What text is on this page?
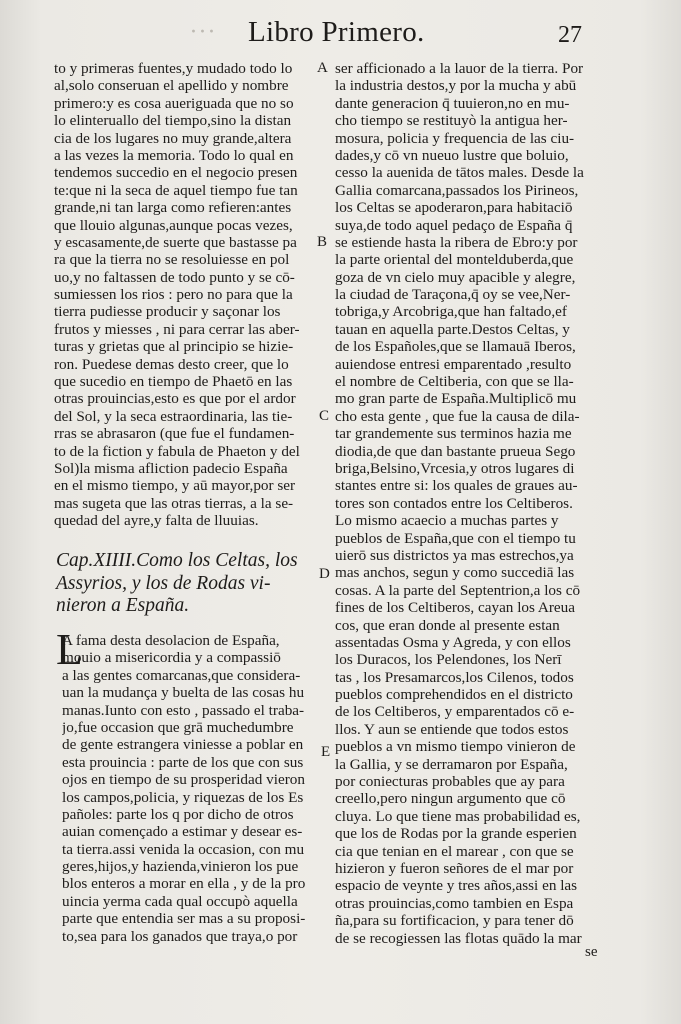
···	Libro Primero.	27
to y primeras fuentes,y mudado todo lo
al,solo conseruan el apellido y nombre
primero:y es cosa aueriguada que no so
lo elinteruallo del tiempo,sino la distan
cia de los lugares no muy grande,altera
a las vezes la memoria. Todo lo qual en
tendemos succedio en el negocio presen
te:que ni la seca de aquel tiempo fue tan
grande,ni tan larga como refieren:antes
que llouio algunas,aunque pocas vezes,
y escasamente,de suerte que bastasse pa
ra que la tierra no se resoluiesse en pol
uo,y no faltassen de todo punto y se cō-
sumiessen los rios : pero no para que la
tierra pudiesse producir y saçonar los
frutos y miesses , ni para cerrar las aber-
turas y grietas que al principio se hizie-
ron. Puedese demas desto creer, que lo
que sucedio en tiempo de Phaetō en las
otras prouincias,esto es que por el ardor
del Sol, y la seca estraordinaria, las tie-
rras se abrasaron (que fue el fundamen-
to de la fiction y fabula de Phaeton y del
Sol)la misma afliction padecio España
en el mismo tiempo, y aū mayor,por ser
mas sugeta que las otras tierras, a la se-
quedad del ayre,y falta de lluuias.
Cap.XIIII.Como los Celtas, los
Assyrios, y los de Rodas vi-
nieron a España.
L
A fama desta desolacion de España,
mouio a misericordia y a compassiō
a las gentes comarcanas,que considera-
uan la mudança y buelta de las cosas hu
manas.Iunto con esto , passado el traba-
jo,fue occasion que grā muchedumbre
de gente estrangera viniesse a poblar en
esta prouincia : parte de los que con sus
ojos en tiempo de su prosperidad vieron
los campos,policia, y riquezas de los Es
pañoles: parte los q por dicho de otros
auian començado a estimar y desear es-
ta tierra.assi venida la occasion, con mu
geres,hijos,y hazienda,vinieron los pue
blos enteros a morar en ella , y de la pro
uincia yerma cada qual occupò aquella
parte que entendia ser mas a su proposi-
to,sea para los ganados que traya,o por
ser afficionado a la lauor de la tierra. Por
la industria destos,y por la mucha y abū
dante generacion q̄ tuuieron,no en mu-
cho tiempo se restituyò la antigua her-
mosura, policia y frequencia de las ciu-
dades,y cō vn nueuo lustre que boluio,
cesso la auenida de tātos males. Desde la
Gallia comarcana,passados los Pirineos,
los Celtas se apoderaron,para habitaciō
suya,de todo aquel pedaço de España q̄
se estiende hasta la ribera de Ebro:y por
la parte oriental del montelduberda,que
goza de vn cielo muy apacible y alegre,
la ciudad de Taraçona,q̄ oy se vee,Ner-
tobriga,y Arcobriga,que han faltado,ef
tauan en aquella parte.Destos Celtas, y
de los Españoles,que se llamauā Iberos,
auiendose entresi emparentado ,resulto
el nombre de Celtiberia, con que se lla-
mo gran parte de España.Multiplicō mu
cho esta gente , que fue la causa de dila-
tar grandemente sus terminos hazia me
diodia,de que dan bastante prueua Sego
briga,Belsino,Vrcesia,y otros lugares di
stantes entre si: los quales de graues au-
tores son contados entre los Celtiberos.
Lo mismo acaecio a muchas partes y
pueblos de España,que con el tiempo tu
uierō sus districtos ya mas estrechos,ya
mas anchos, segun y como succediā las
cosas. A la parte del Septentrion,a los cō
fines de los Celtiberos, cayan los Areua
cos, que eran donde al presente estan
assentadas Osma y Agreda, y con ellos
los Duracos, los Pelendones, los Nerī
tas , los Presamarcos,los Cilenos, todos
pueblos comprehendidos en el districto
de los Celtiberos, y emparentados cō e-
llos. Y aun se entiende que todos estos
pueblos a vn mismo tiempo vinieron de
la Gallia, y se derramaron por España,
por coniecturas probables que ay para
creello,pero ningun argumento que cō
cluya. Lo que tiene mas probabilidad es,
que los de Rodas por la grande esperien
cia que tenian en el marear , con que se
hizieron y fueron señores de el mar por
espacio de veynte y tres años,assi en las
otras prouincias,como tambien en Espa
ña,para su fortificacion, y para tener dō
de se recogiessen las flotas quādo la mar
A
B
C
D
E
se
